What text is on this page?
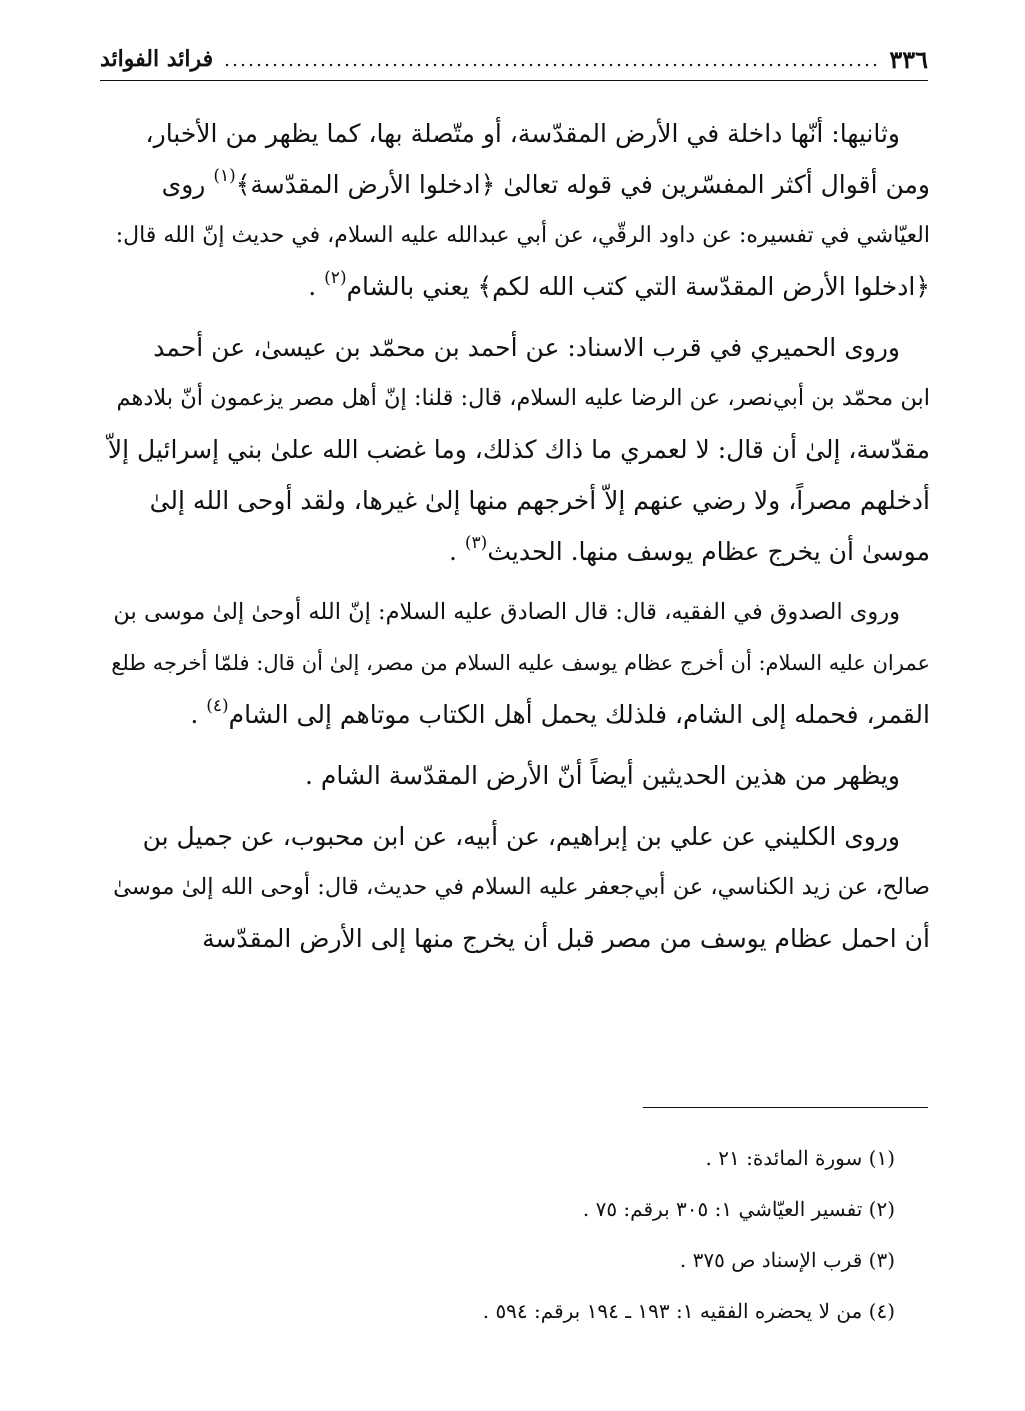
٣٣٦
فرائد الفوائد
وثانيها: أنّها داخلة في الأرض المقدّسة، أو متّصلة بها، كما يظهر من الأخبار،
ومن أقوال أكثر المفسّرين في قوله تعالىٰ ﴿ادخلوا الأرض المقدّسة﴾$^{(١)}$ روى
العيّاشي في تفسيره: عن داود الرقّي، عن أبي عبدالله عليه السلام، في حديث إنّ الله قال:
﴿ادخلوا الأرض المقدّسة التي كتب الله لكم﴾ يعني بالشام$^{(٢)}$ .
وروى الحميري في قرب الاسناد: عن أحمد بن محمّد بن عيسىٰ، عن أحمد
ابن محمّد بن أبي‌نصر، عن الرضا عليه السلام، قال: قلنا: إنّ أهل مصر يزعمون أنّ بلادهم
مقدّسة، إلىٰ أن قال: لا لعمري ما ذاك كذلك، وما غضب الله علىٰ بني إسرائيل إلاّ
أدخلهم مصراً، ولا رضي عنهم إلاّ أخرجهم منها إلىٰ غيرها، ولقد أوحى الله إلىٰ
موسىٰ أن يخرج عظام يوسف منها. الحديث$^{(٣)}$ .
وروى الصدوق في الفقيه، قال: قال الصادق عليه السلام: إنّ الله أوحىٰ إلىٰ موسى بن
عمران عليه السلام: أن أخرج عظام يوسف عليه السلام من مصر، إلىٰ أن قال: فلمّا أخرجه طلع
القمر، فحمله إلى الشام، فلذلك يحمل أهل الكتاب موتاهم إلى الشام$^{(٤)}$ .
ويظهر من هذين الحديثين أيضاً أنّ الأرض المقدّسة الشام .
وروى الكليني عن علي بن إبراهيم، عن أبيه، عن ابن محبوب، عن جميل بن
صالح، عن زيد الكناسي، عن أبي‌جعفر عليه السلام في حديث، قال: أوحى الله إلىٰ موسىٰ
أن احمل عظام يوسف من مصر قبل أن يخرج منها إلى الأرض المقدّسة
(١) سورة المائدة: ٢١ .
(٢) تفسير العيّاشي ١: ٣٠٥ برقم: ٧٥ .
(٣) قرب الإسناد ص ٣٧٥ .
(٤) من لا يحضره الفقيه ١: ١٩٣ ـ ١٩٤ برقم: ٥٩٤ .
